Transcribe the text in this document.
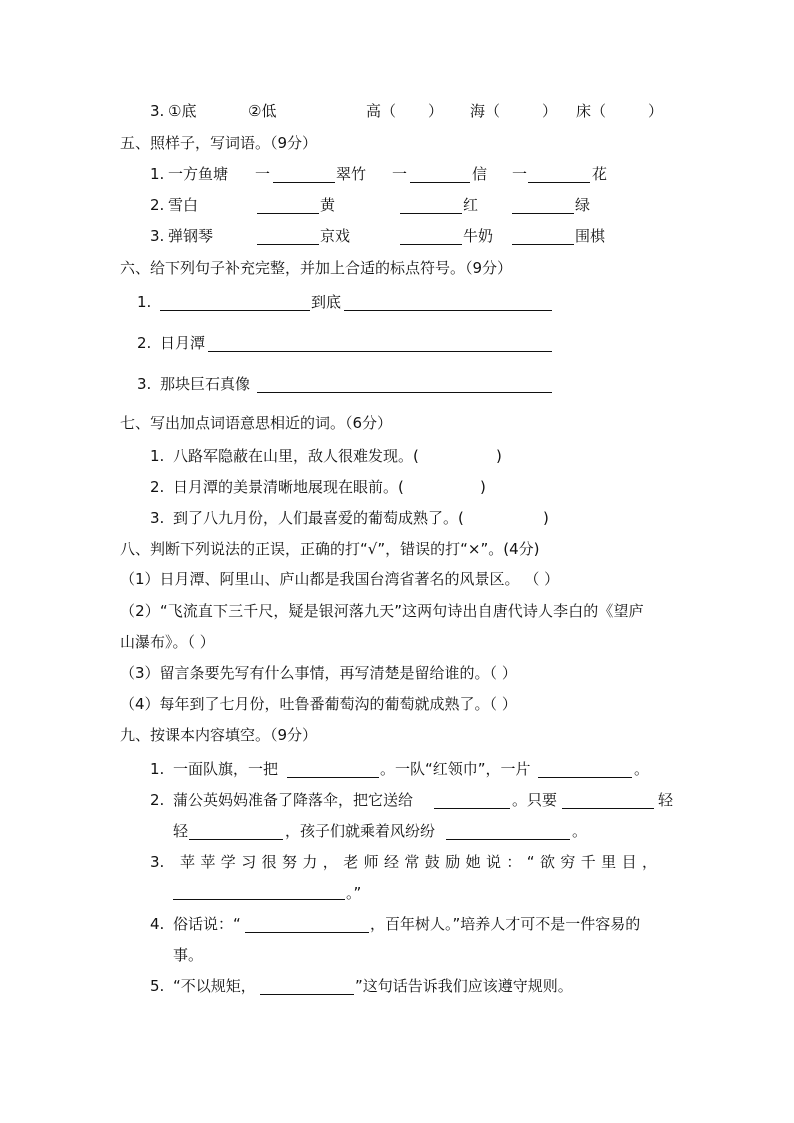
3. ①底	②低	高（ ） 海（	） 床（	）
五、照样子，写词语。（9分）
1. 一方鱼塘 一	翠竹 一	信 一	花
2. 雪白	黄	红	绿
3. 弹钢琴	京戏	牛奶	围棋
六、给下列句子补充完整，并加上合适的标点符号。（9分）
1.	到底
2. 日月潭
3. 那块巨石真像
七、写出加点词语意思相近的词。（6分）
1. 八路军隐蔽在山里，敌人很难发现。(	)
2. 日月潭的美景清晰地展现在眼前。(	)
3. 到了八九月份，人们最喜爱的葡萄成熟了。(	)
八、判断下列说法的正误，正确的打“√”，错误的打“×”。(4分)
（1）日月潭、阿里山、庐山都是我国台湾省著名的风景区。 （ ）
（2）“飞流直下三千尺，疑是银河落九天”这两句诗出自唐代诗人李白的《望庐
山瀑布》。（ ）
（3）留言条要先写有什么事情，再写清楚是留给谁的。（ ）
（4）每年到了七月份，吐鲁番葡萄沟的葡萄就成熟了。（ ）
九、按课本内容填空。（9分）
1. 一面队旗，一把	。一队“红领巾”，一片	。
2. 蒲公英妈妈准备了降落伞，把它送给	。只要	轻
轻	，孩子们就乘着风纷纷	。
3. 苹苹学习很努力，老师经常鼓励她说：“欲穷千里目，
。”
4. 俗话说：“	，百年树人。”培养人才可不是一件容易的
事。
5. “不以规矩，	”这句话告诉我们应该遵守规则。
